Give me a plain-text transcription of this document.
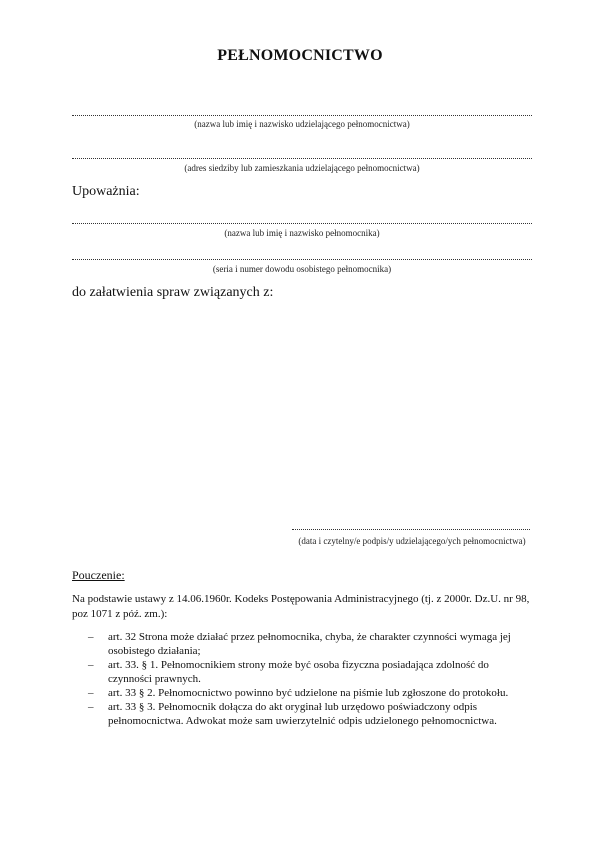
PEŁNOMOCNICTWO
(nazwa lub imię i nazwisko udzielającego pełnomocnictwa)
(adres siedziby lub zamieszkania udzielającego pełnomocnictwa)
Upoważnia:
(nazwa lub imię i nazwisko pełnomocnika)
(seria i numer dowodu osobistego pełnomocnika)
do załatwienia spraw związanych z:
(data i czytelny/e podpis/y udzielającego/ych pełnomocnictwa)
Pouczenie:
Na podstawie ustawy z 14.06.1960r. Kodeks Postępowania Administracyjnego (tj. z 2000r. Dz.U. nr 98, poz 1071 z póź. zm.):
– art. 32 Strona może działać przez pełnomocnika, chyba, że charakter czynności wymaga jej osobistego działania;
– art. 33. § 1. Pełnomocnikiem strony może być osoba fizyczna posiadająca zdolność do czynności prawnych.
– art. 33 § 2. Pełnomocnictwo powinno być udzielone na piśmie lub zgłoszone do protokołu.
– art. 33 § 3. Pełnomocnik dołącza do akt oryginał lub urzędowo poświadczony odpis pełnomocnictwa. Adwokat może sam uwierzytelnić odpis udzielonego pełnomocnictwa.
